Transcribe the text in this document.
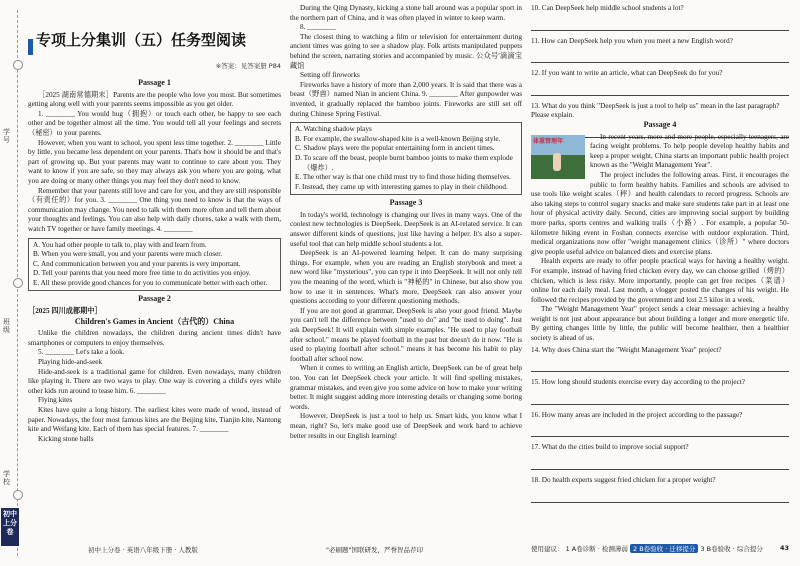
学号
班级
学校
初中上分卷
专项上分集训（五）任务型阅读
※答案：见答案册 P84
Passage 1

［2025 湖南常德期末］Parents are the people who love you most. But sometimes getting along well with your parents seems impossible as you get older.

1. ________ You would hug（拥抱）or touch each other, be happy to see each other and be together almost all the time. You would tell all your feelings and secrets（秘密）to your parents.

However, when you want to school, you spent less time together. 2. ________ Little by little, you became less dependent on your parents. That's how it should be and that's part of growing up. But your parents may want to continue to care about you. They want to know if you are safe, so they may always ask you where you are going, what you are doing or many other things you may feel they don't need to know.

Remember that your parents still love and care for you, and they are still responsible（有责任的）for you. 3. ________ One thing you need to know is that the ways of communication may change. You need to talk with them more often and tell them about your thoughts and feelings. You can also help with daily chores, take a walk with them, watch TV together or have family meetings. 4. ________

A. You had other people to talk to, play with and learn from.
B. When you were small, you and your parents were much closer.
C. And communication between you and your parents is very important.
D. Tell your parents that you need more free time to do activities you enjoy.
E. All these provide good chances for you to communicate better with each other.
Passage 2
［2025 四川成都期中］
Children's Games in Ancient（古代的）China

Unlike the children nowadays, the children during ancient times didn't have smartphones or computers to enjoy themselves.

5. ________ Let's take a look.

Playing hide-and-seek

Hide-and-seek is a traditional game for children. Even nowadays, many children like playing it. There are two ways to play. One way is covering a child's eyes while other kids run around to tease him. 6. ________

Flying kites

Kites have quite a long history. The earliest kites were made of wood, instead of paper. Nowadays, the four most famous kites are the Beijing kite, Tianjin kite, Nantong kite and Weifang kite. Each of them has special features. 7. ________

Kicking stone balls

初中上分卷 · 英语八年级下册 · 人教版

During the Qing Dynasty, kicking a stone ball around was a popular sport in the northern part of China, and it was often played in winter to keep warm.

8. ________

The closest thing to watching a film or television for entertainment during ancient times was going to see a shadow play. Folk artists manipulated puppets behind the screen, narrating stories and accompanied by music. 公众号'滴滴宝藏馆

Setting off fireworks

Fireworks have a history of more than 2,000 years. It is said that there was a beast（野兽）named Nian in ancient China. 9. ________ After gunpowder was invented, it gradually replaced the bamboo joints. Fireworks are still set off during Chinese Spring Festival.

A. Watching shadow plays
B. For example, the swallow-shaped kite is a well-known Beijing style.
C. Shadow plays were the popular entertaining form in ancient times.
D. To scare off the beast, people burnt bamboo joints to make them explode（爆炸）.
E. The other way is that one child must try to find those hiding themselves.
F. Instead, they came up with interesting games to play in their childhood.
Passage 3

In today's world, technology is changing our lives in many ways. One of the coolest new technologies is DeepSeek. DeepSeek is an AI-related service. It can answer different kinds of questions, just like having a helper. It's also a super-useful tool that can help middle school students a lot.

DeepSeek is an AI-powered learning helper. It can do many surprising things. For example, when you are reading an English storybook and meet a new word like "mysterious", you can type it into DeepSeek. It will not only tell you the meaning of the word, which is "神秘的" in Chinese, but also show you how to use it in sentences. What's more, DeepSeek can also answer your questions according to your different questioning methods.

If you are not good at grammar, DeepSeek is also your good friend. Maybe you can't tell the difference between "used to do" and "be used to doing". Just ask DeepSeek! It will explain with simple examples. "He used to play football after school." means he played football in the past but doesn't do it now. "He is used to playing football after school." means it has become his habit to play football after school now.

When it comes to writing an English article, DeepSeek can be of great help too. You can let DeepSeek check your article. It will find spelling mistakes, grammar mistakes, and even give you some advice on how to make your writing better. It might suggest adding more interesting details or changing some boring words.

However, DeepSeek is just a tool to help us. Smart kids, you know what I mean, right? So, let's make good use of DeepSeek and work hard to achieve better results in our English learning!

"必刷题"国联研发，严誉智品荐印
10. Can DeepSeek help middle school students a lot?
11. How can DeepSeek help you when you meet a new English word?
12. If you want to write an article, what can DeepSeek do for you?
13. What do you think "DeepSeek is just a tool to help us" mean in the last paragraph? Please explain.
Passage 4
体重管理年

In recent years, more and more people, especially teenagers, are facing weight problems. To help people develop healthy habits and keep a proper weight, China starts an important public health project known as the "Weight Management Year".

The project includes the following areas. First, it encourages the public to form healthy habits. Families and schools are advised to use tools like weight scales（秤）and health calendars to record progress. Schools are also taking steps to control sugary snacks and make sure students take part in at least one hour of physical activity daily. Second, cities are improving social support by building more parks, sports centres and walking trails（小路）. For example, a popular 50-kilometre hiking event in Foshan connects exercise with outdoor exploration. Third, medical organizations now offer "weight management clinics（诊所）" where doctors give people useful advice on balanced diets and exercise plans.

Health experts are ready to offer people practical ways for having a healthy weight. For example, instead of having fried chicken every day, we can choose grilled（烤的）chicken, which is less risky. More importantly, people can get free recipes（菜谱）online for each daily meal. Last month, a vlogger posted the changes of his weight. He followed the recipes provided by the government and lost 2.5 kilos in a week.

The "Weight Management Year" project sends a clear message: achieving a healthy weight is not just about appearance but about building a longer and more energetic life. By getting changes little by little, the public will become healthier, then a healthier society is ahead of us.

14. Why does China start the "Weight Management Year" project?
15. How long should students exercise every day according to the project?
16. How many areas are included in the project according to the passage?
17. What do the cities build to improve social support?
18. Do health experts suggest fried chicken for a proper weight?
使用建议： 1 A卷诊断 · 检测薄弱 2 B卷验收 · 迁移提分 3 B卷验收 · 综合提分	43
